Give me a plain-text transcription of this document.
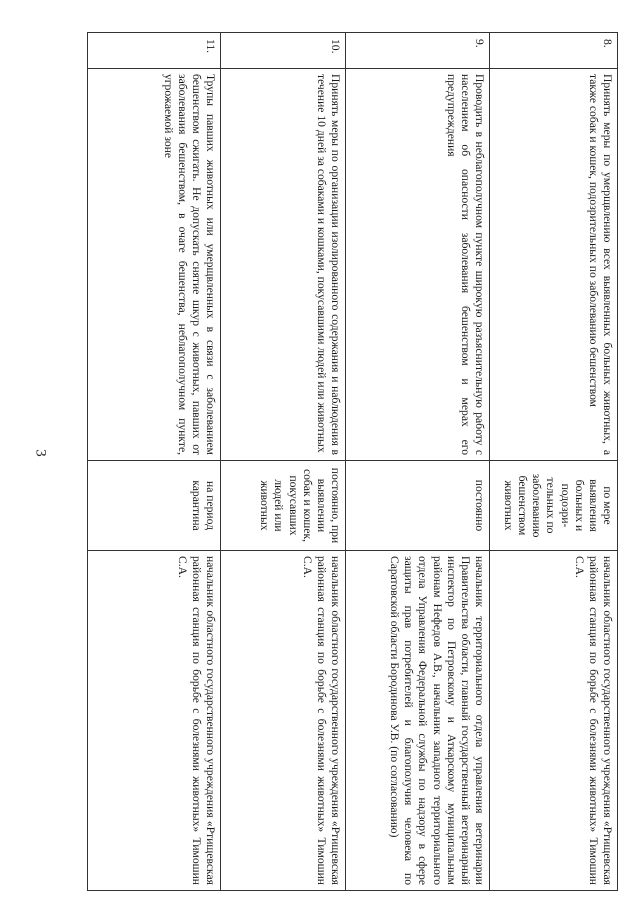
3
8.	Принять меры по умерщвлению всех выявленных больных животных, а также собак и кошек, подозрительных по заболеванию бешенством	по мере выявления больных и подозри-тельных по заболеванию бешенством животных	начальник областного государственного учреждения «Ртищевская районная станция по борьбе с болезнями животных» Тимошин С.А.
9.	Проводить в неблагополучном пункте широкую разъяснительную работу с населением об опасности заболевания бешенством и мерах его предупреждения	постоянно	начальник территориального отдела управления ветеринарии Правительства области, главный государственный ветеринарный инспектор по Петровскому и Аткарскому муниципальным районам Нефедов А.В., начальник западного территориального отдела Управления Федеральной службы по надзору в сфере защиты прав потребителей и благополучия человека по Саратовской области Бородинова У.В. (по согласованию)
10.	Принять меры по организации изолированного содержания и наблюдения в течение 10 дней за собаками и кошками, покусавшими людей или животных	постоянно, при выявлении собак и кошек, покусавших людей или животных	начальник областного государственного учреждения «Ртищевская районная станция по борьбе с болезнями животных» Тимошин С.А.
11.	Трупы павших животных или умерщвленных в связи с заболеванием бешенством сжигать. Не допускать снятие шкур с животных, павших от заболевания бешенством, в очаге бешенства, неблагополучном пункте, угрожаемой зоне	на период карантина	начальник областного государственного учреждения «Ртищевская районная станция по борьбе с болезнями животных» Тимошин С.А.
